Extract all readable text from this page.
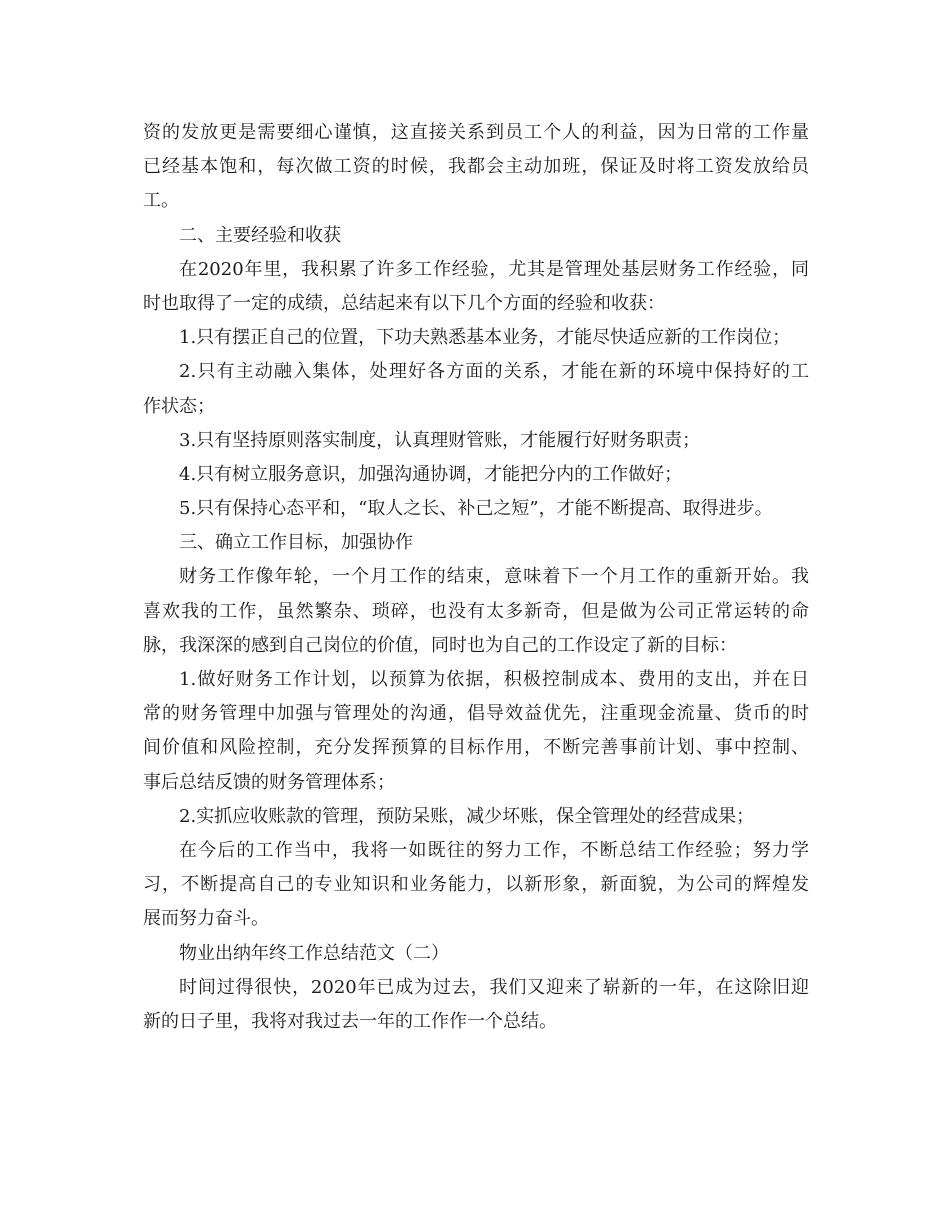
资的发放更是需要细心谨慎，这直接关系到员工个人的利益，因为日常的工作量
已经基本饱和，每次做工资的时候，我都会主动加班，保证及时将工资发放给员
工。
二、主要经验和收获
在2020年里，我积累了许多工作经验，尤其是管理处基层财务工作经验，同
时也取得了一定的成绩，总结起来有以下几个方面的经验和收获：
1.只有摆正自己的位置，下功夫熟悉基本业务，才能尽快适应新的工作岗位；
2.只有主动融入集体，处理好各方面的关系，才能在新的环境中保持好的工
作状态；
3.只有坚持原则落实制度，认真理财管账，才能履行好财务职责；
4.只有树立服务意识，加强沟通协调，才能把分内的工作做好；
5.只有保持心态平和，“取人之长、补己之短”，才能不断提高、取得进步。
三、确立工作目标，加强协作
财务工作像年轮，一个月工作的结束，意味着下一个月工作的重新开始。我
喜欢我的工作，虽然繁杂、琐碎，也没有太多新奇，但是做为公司正常运转的命
脉，我深深的感到自己岗位的价值，同时也为自己的工作设定了新的目标：
1.做好财务工作计划，以预算为依据，积极控制成本、费用的支出，并在日
常的财务管理中加强与管理处的沟通，倡导效益优先，注重现金流量、货币的时
间价值和风险控制，充分发挥预算的目标作用，不断完善事前计划、事中控制、
事后总结反馈的财务管理体系；
2.实抓应收账款的管理，预防呆账，减少坏账，保全管理处的经营成果；
在今后的工作当中，我将一如既往的努力工作，不断总结工作经验；努力学
习，不断提高自己的专业知识和业务能力，以新形象，新面貌，为公司的辉煌发
展而努力奋斗。
物业出纳年终工作总结范文（二）
时间过得很快，2020年已成为过去，我们又迎来了崭新的一年，在这除旧迎
新的日子里，我将对我过去一年的工作作一个总结。
